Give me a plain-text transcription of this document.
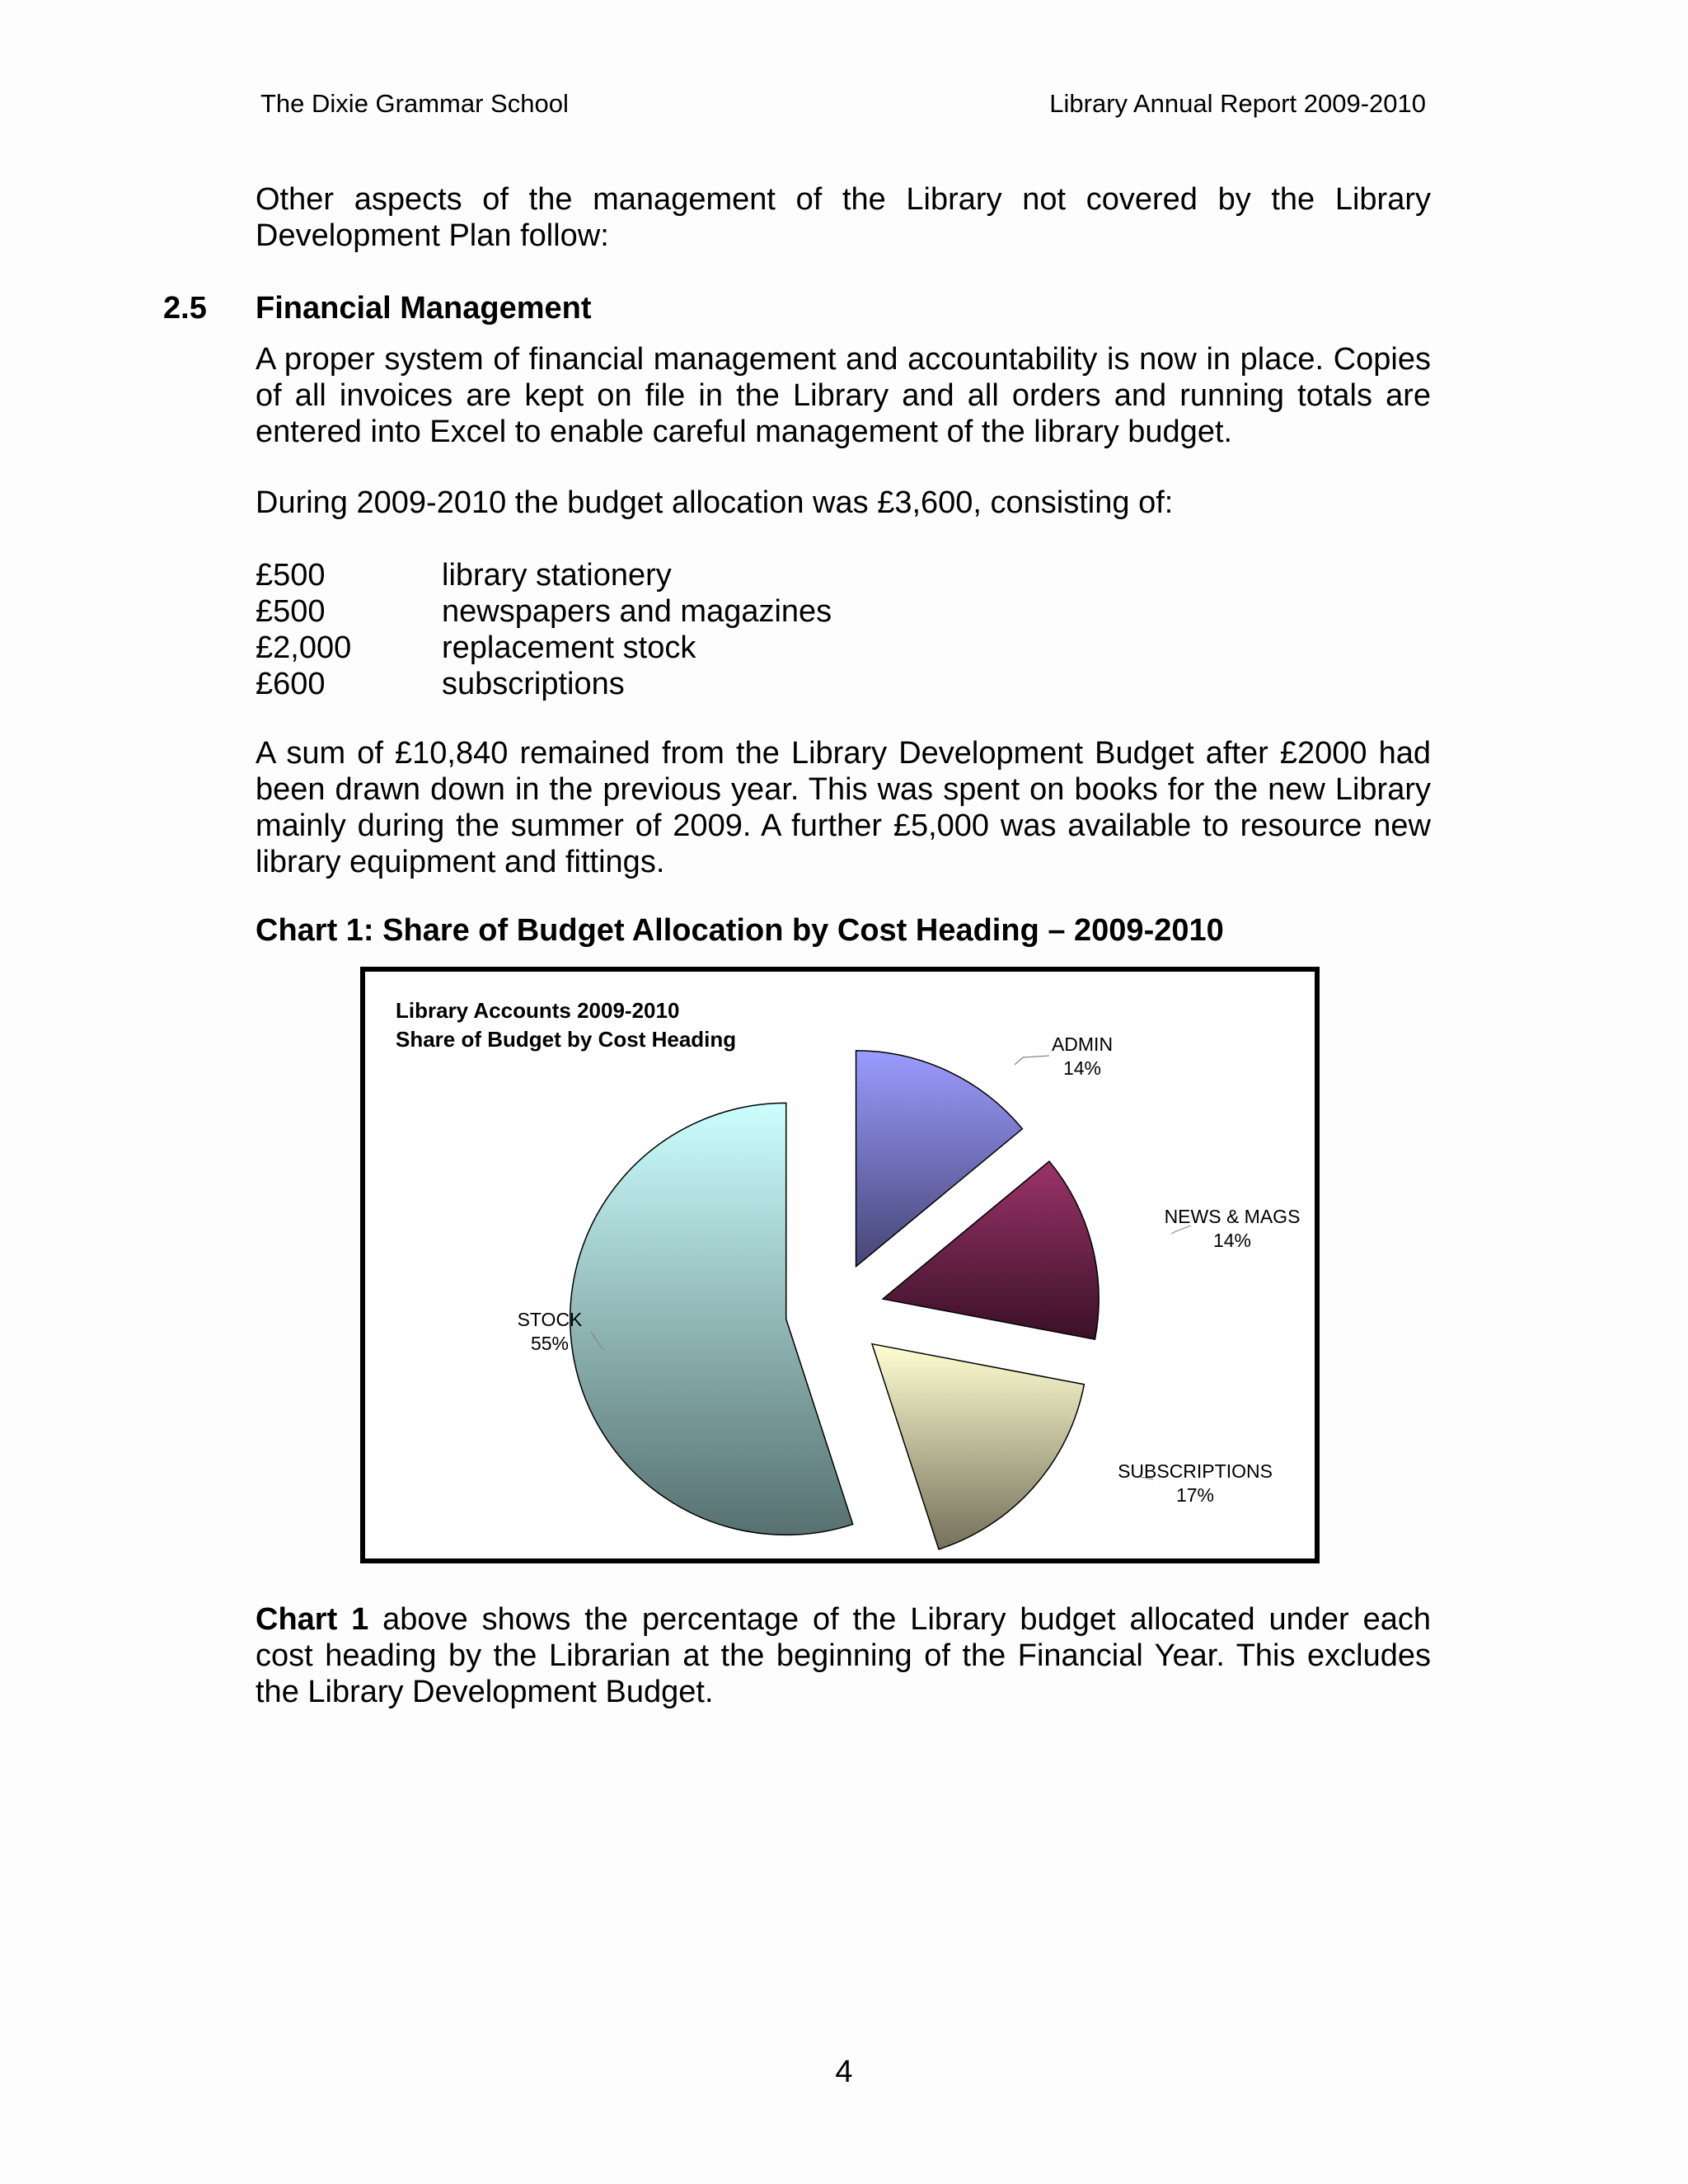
The Dixie Grammar School	Library Annual Report 2009-2010

Other aspects of the management of the Library not covered by the Library Development Plan follow:

2.5 Financial Management

A proper system of financial management and accountability is now in place. Copies of all invoices are kept on file in the Library and all orders and running totals are entered into Excel to enable careful management of the library budget.

During 2009-2010 the budget allocation was £3,600, consisting of:

£500	library stationery
£500	newspapers and magazines
£2,000	replacement stock
£600	subscriptions

A sum of £10,840 remained from the Library Development Budget after £2000 had been drawn down in the previous year. This was spent on books for the new Library mainly during the summer of 2009. A further £5,000 was available to resource new library equipment and fittings.

Chart 1: Share of Budget Allocation by Cost Heading – 2009-2010
Library Accounts 2009-2010
Share of Budget by Cost Heading	ADMIN
14%
NEWS & MAGS
14%
SUBSCRIPTIONS
17%
STOCK
55%

Chart 1 above shows the percentage of the Library budget allocated under each cost heading by the Librarian at the beginning of the Financial Year. This excludes the Library Development Budget.

4
